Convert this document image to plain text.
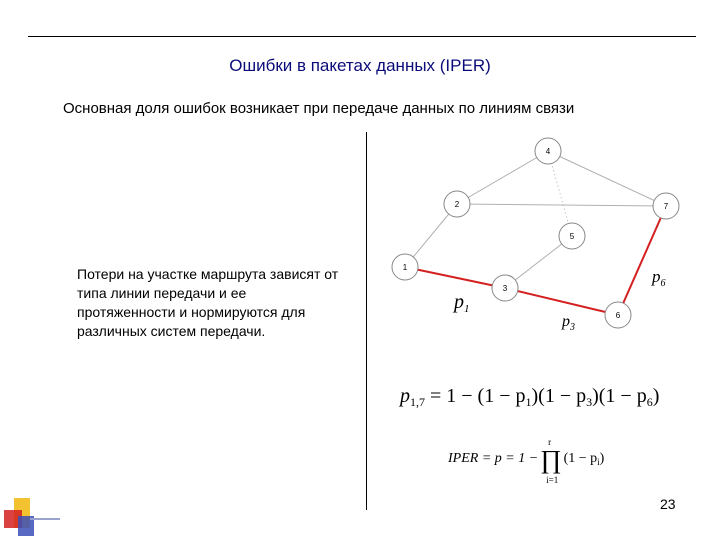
Ошибки в пакетах данных (IPER)
Основная доля ошибок возникает при передаче данных по линиям связи
Потери на участке маршрута зависят от типа линии передачи и ее протяженности и нормируются для различных систем передачи.
1
2
3
4
5
6
7
$p_1$
$p_3$
$p_6$
$p_{1,7} = 1 - (1 - p_1)(1 - p_3)(1 - p_6)$
IPER = p = 1 −∏
r
i=1
$(1 - p_i)$
23
